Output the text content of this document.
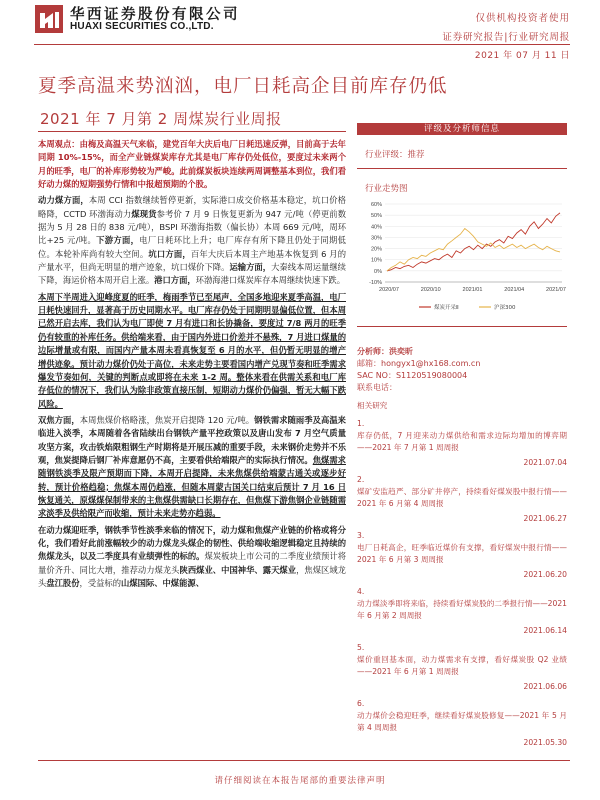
华西证券股份有限公司
HUAXI SECURITIES CO.,LTD.
仅供机构投资者使用
证券研究报告|行业研究周报
2021 年 07 月 11 日
夏季高温来势汹汹，电厂日耗高企目前库存仍低
2021 年 7 月第 2 周煤炭行业周报

本周观点：由梅及高温天气来临，建党百年大庆后电厂日耗迅速反弹，目前高于去年同期 10%-15%，而全产业链煤炭库存尤其是电厂库存仍处低位，要度过未来两个月的旺季，电厂的补库形势较为严峻。此前煤炭板块连续两周调整基本到位，我们看好动力煤的短期强势行情和中报超预期的个股。

动力煤方面，本周 CCI 指数继续暂停更新，实际港口成交价格基本稳定，坑口价格略降，CCTD 环渤海动力煤现货参考价 7 月 9 日恢复更新为 947 元/吨（停更前数据为 5 月 28 日的 838 元/吨），BSPI 环渤海指数（偏长协）本周 669 元/吨，周环比+25 元/吨。下游方面，电厂日耗环比上升；电厂库存有所下降且仍处于同期低位。本轮补库尚有较大空间。坑口方面，百年大庆后本周主产地基本恢复到 6 月的产量水平，但尚无明显的增产迹象，坑口煤价下降。运输方面，大秦线本周运量继续下降，海运价格本周开启上涨。港口方面，环渤海港口煤炭库存本周继续快速下跌。

本周下半周进入迎峰度夏的旺季，梅雨季节已至尾声，全国多地迎来夏季高温，电厂日耗快速回升，显著高于历史同期水平。电厂库存仍处于同期明显偏低位置，但本周已然开启去库，我们认为电厂即使 7 月有进口和长协撬备，要度过 7/8 两月的旺季仍有较重的补库任务。供给端来看，由于国内外进口价差并不悬殊，7 月进口煤量的边际增量或有限，而国内产量本周未看真恢复至 6 月的水平，但仍暂无明显的增产增供迹象。预计动力煤价仍处于高位，未来走势主要看国内增产兑现节奏和旺季需求爆发节奏如何，关键的判断点或即将在未来 1-2 周。整体来看在供需关系和电厂库存低位的情况下，我们认为除非政策直接压制，短期动力煤价仍偏强，暂无大幅下跌风险。

双焦方面，本周焦煤价格略涨，焦炭开启提降 120 元/吨。钢铁需求随雨季及高温来临进入淡季，本周随着各省陆续出台钢铁产量平控政策以及唐山发布 7 月空气质量攻坚方案，攻击铁焰限粗钢生产时期将是开展压减的重要手段，未来钢价走势并不乐观，焦炭提降后钢厂补库意愿仍不高，主要看供给端限产的实际执行情况。焦煤需求随钢铁淡季及限产预期而下降，本周开启提降，未来焦煤供给端蒙古通关或逐步好转，预计价格趋稳；焦煤本周仍趋涨，但随本周蒙古国关口结束后预计 7 月 16 日恢复通关，原煤煤保制带来的主焦煤供需缺口长期存在，但焦煤下游焦钢企业链随需求淡季及供给限产而收缩，预计未来走势亦趋弱。

在动力煤迎旺季，钢铁季节性淡季来临的情况下，动力煤和焦煤产业链的价格或将分化，我们看好此前涨幅较少的动力煤龙头煤企的韧性、供给端收缩逻辑稳定且持续的焦煤龙头，以及二季度具有业绩弹性的标的。煤炭板块上市公司的二季度业绩预计将量价齐升、同比大增，推荐动力煤龙头陕西煤业、中国神华、露天煤业，焦煤区域龙头盘江股份，受益标的山煤国际、中煤能源、

评级及分析师信息
行业评级：推荐
行业走势图
60%
50%
40%
30%
20%
10%
0%
-10%
2020/07	2020/10	2021/01	2021/04	2021/07
煤炭开采Ⅱ	沪深300
分析师：洪奕昕
邮箱：hongyx1@hx168.com.cn
SAC NO：S1120519080004
联系电话：
相关研究
1.
库存仍低，7 月迎来动力煤供给和需求边际均增加的博弈期——2021 年 7 月第 1 周周报
2021.07.04
2.
煤矿安监趋严、部分矿井停产，持续看好煤炭股中报行情——2021 年 6 月第 4 周周报
2021.06.27
3.
电厂日耗高企，旺季临近煤价有支撑，看好煤炭中报行情——2021 年 6 月第 3 周周报
2021.06.20
4.
动力煤淡季即将来临，持续看好煤炭股的二季报行情——2021 年 6 月第 2 周周报
2021.06.14
5.
煤价重回基本面，动力煤需求有支撑，看好煤炭股 Q2 业绩——2021 年 6 月第 1 周周报
2021.06.06
6.
动力煤价会稳迎旺季，继续看好煤炭股修复——2021 年 5 月第 4 周周报
2021.05.30
请仔细阅读在本报告尾部的重要法律声明
